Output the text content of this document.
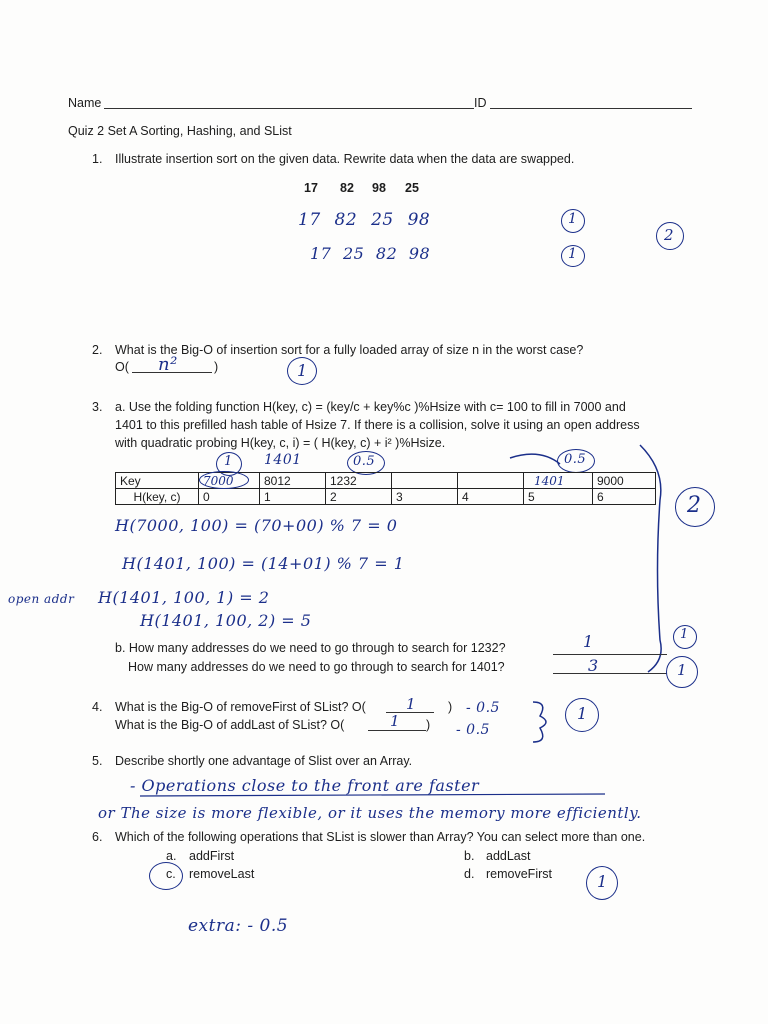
Name	ID
Quiz 2 Set A Sorting, Hashing, and SList
1. Illustrate insertion sort on the given data. Rewrite data when the data are swapped.
17 82 98 25
17 82 25 98
17 25 82 98
1
1
2
2. What is the Big-O of insertion sort for a fully loaded array of size n in the worst case?
O( n²	)	1
3. a. Use the folding function H(key, c) = (key/c + key%c )%Hsize with c= 100 to fill in 7000 and
1401 to this prefilled hash table of Hsize 7. If there is a collision, solve it using an open address
with quadratic probing H(key, c, i) = ( H(key, c) + i² )%Hsize.
1 1401	0.5	0.5
Key	7000	8012	1232			1401	9000
H(key, c)	0	1	2	3	4	5	6	2
H(7000, 100) = (70+00) % 7 = 0
H(1401, 100) = (14+01) % 7 = 1
open addr H(1401, 100, 1) = 2
H(1401, 100, 2) = 5
b. How many addresses do we need to go through to search for 1232?	1	1
How many addresses do we need to go through to search for 1401?	3	1
4. What is the Big-O of removeFirst of SList? O(	1	) - 0.5
What is the Big-O of addLast of SList? O(	1 ) - 0.5
1
5. Describe shortly one advantage of Slist over an Array.
- Operations close to the front are faster
or The size is more flexible, or it uses the memory more efficiently.
6. Which of the following operations that SList is slower than Array? You can select more than one.
a. addFirst	b. addLast
c. removeLast	d. removeFirst	1
extra: - 0.5
